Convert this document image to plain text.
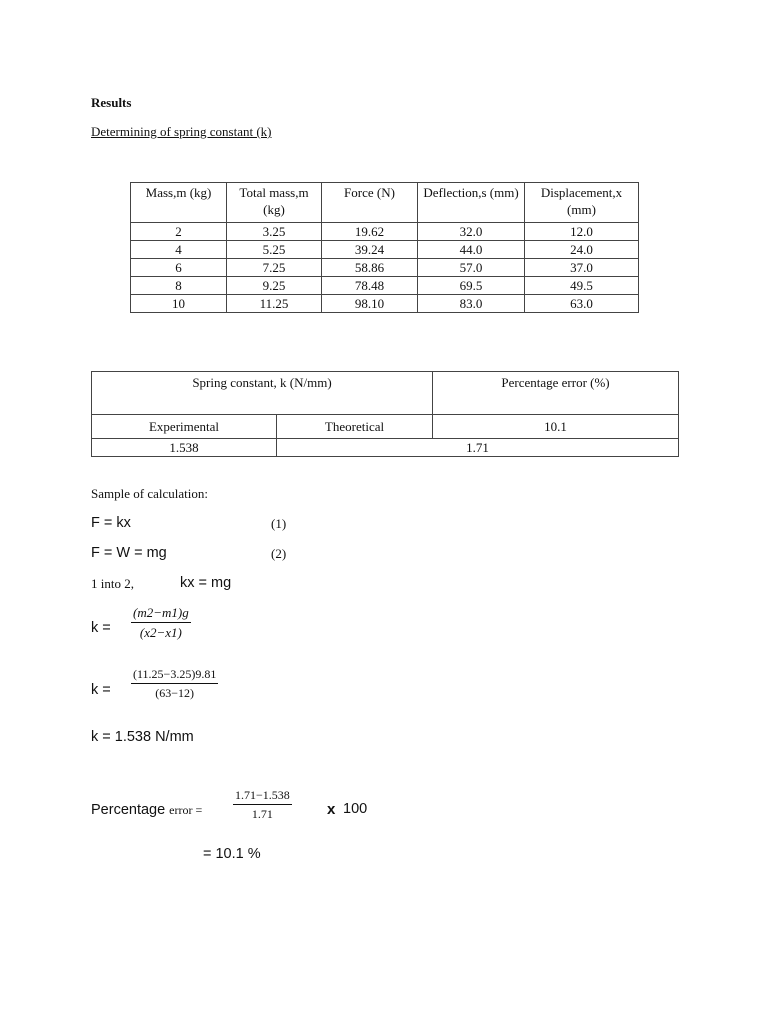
Results
Determining of spring constant (k)
Mass,m (kg)	Total mass,m (kg)	Force (N)	Deflection,s (mm)	Displacement,x (mm)
2	3.25	19.62	32.0	12.0
4	5.25	39.24	44.0	24.0
6	7.25	58.86	57.0	37.0
8	9.25	78.48	69.5	49.5
10	11.25	98.10	83.0	63.0
Spring constant, k (N/mm)		Percentage error (%)
Experimental	Theoretical	10.1
1.538	1.71	
Sample of calculation:
F = kx	(1)
F = W = mg	(2)
1 into 2,	kx = mg
$k = \frac{(m2-m1)g}{(x2-x1)}$
$k = \frac{(11.25-3.25)9.81}{(63-12)}$
k = 1.538 N/mm
Percentage error =	$\frac{1.71-1.538}{1.71}$ x 100
= 10.1 %
